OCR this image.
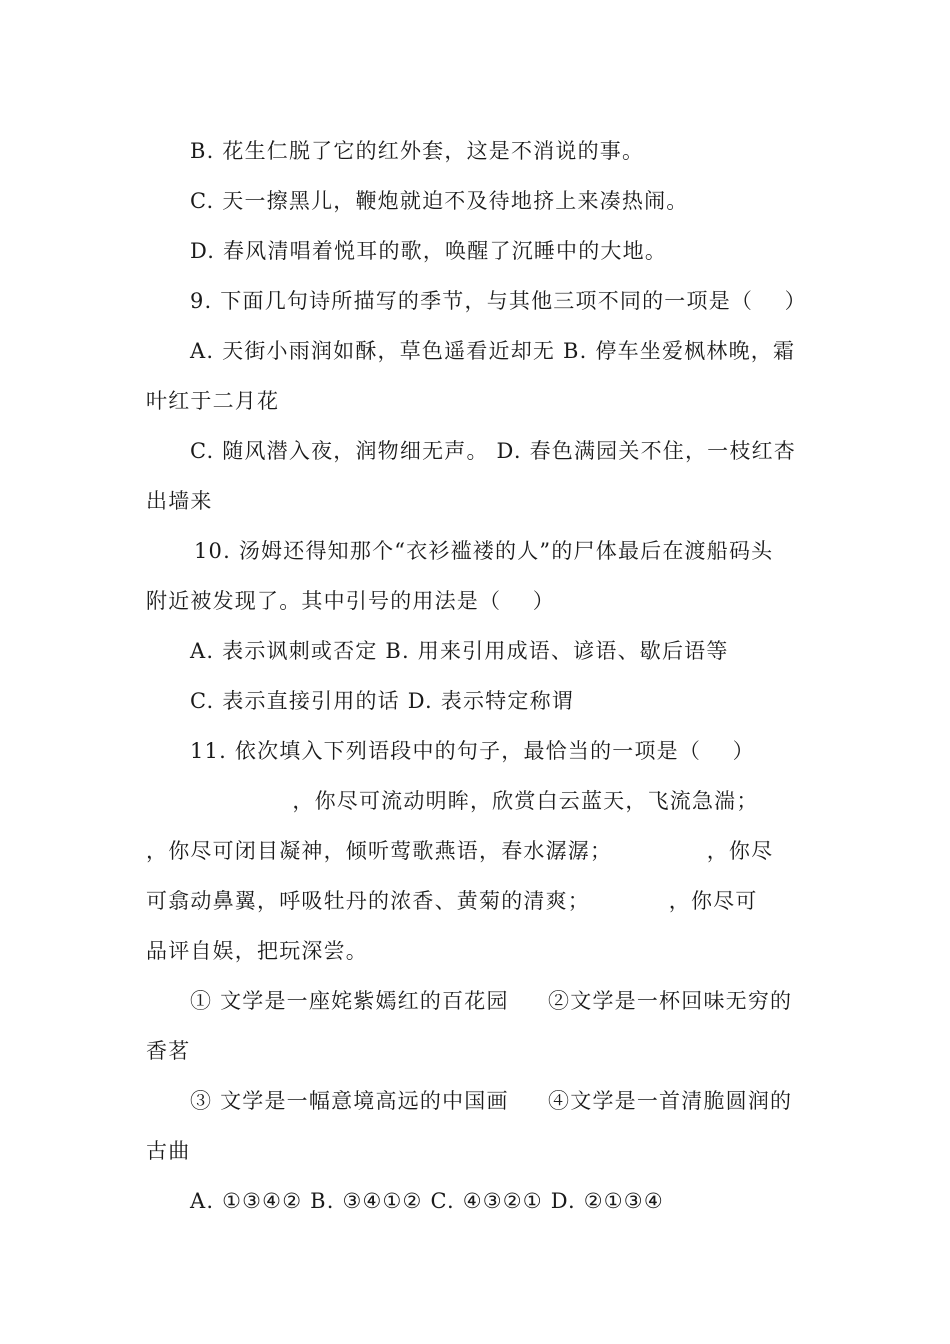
B. 花生仁脱了它的红外套，这是不消说的事。
C. 天一擦黑儿，鞭炮就迫不及待地挤上来凑热闹。
D. 春风清唱着悦耳的歌，唤醒了沉睡中的大地。
9. 下面几句诗所描写的季节，与其他三项不同的一项是（    ）
A. 天街小雨润如酥，草色遥看近却无 B. 停车坐爱枫林晚，霜
叶红于二月花
C. 随风潜入夜，润物细无声。 D. 春色满园关不住，一枝红杏
出墙来
10. 汤姆还得知那个“衣衫褴褛的人”的尸体最后在渡船码头
附近被发现了。其中引号的用法是（    ）
A. 表示讽刺或否定 B. 用来引用成语、谚语、歇后语等
C. 表示直接引用的话 D. 表示特定称谓
11. 依次填入下列语段中的句子，最恰当的一项是（    ）
，你尽可流动明眸，欣赏白云蓝天，飞流急湍；
，你尽可闭目凝神，倾听莺歌燕语，春水潺潺；            ，你尽
可翕动鼻翼，呼吸牡丹的浓香、黄菊的清爽；          ，你尽可
品评自娱，把玩深尝。
① 文学是一座姹紫嫣红的百花园     ②文学是一杯回味无穷的
香茗
③ 文学是一幅意境高远的中国画     ④文学是一首清脆圆润的
古曲
A. ①③④② B. ③④①② C. ④③②① D. ②①③④
